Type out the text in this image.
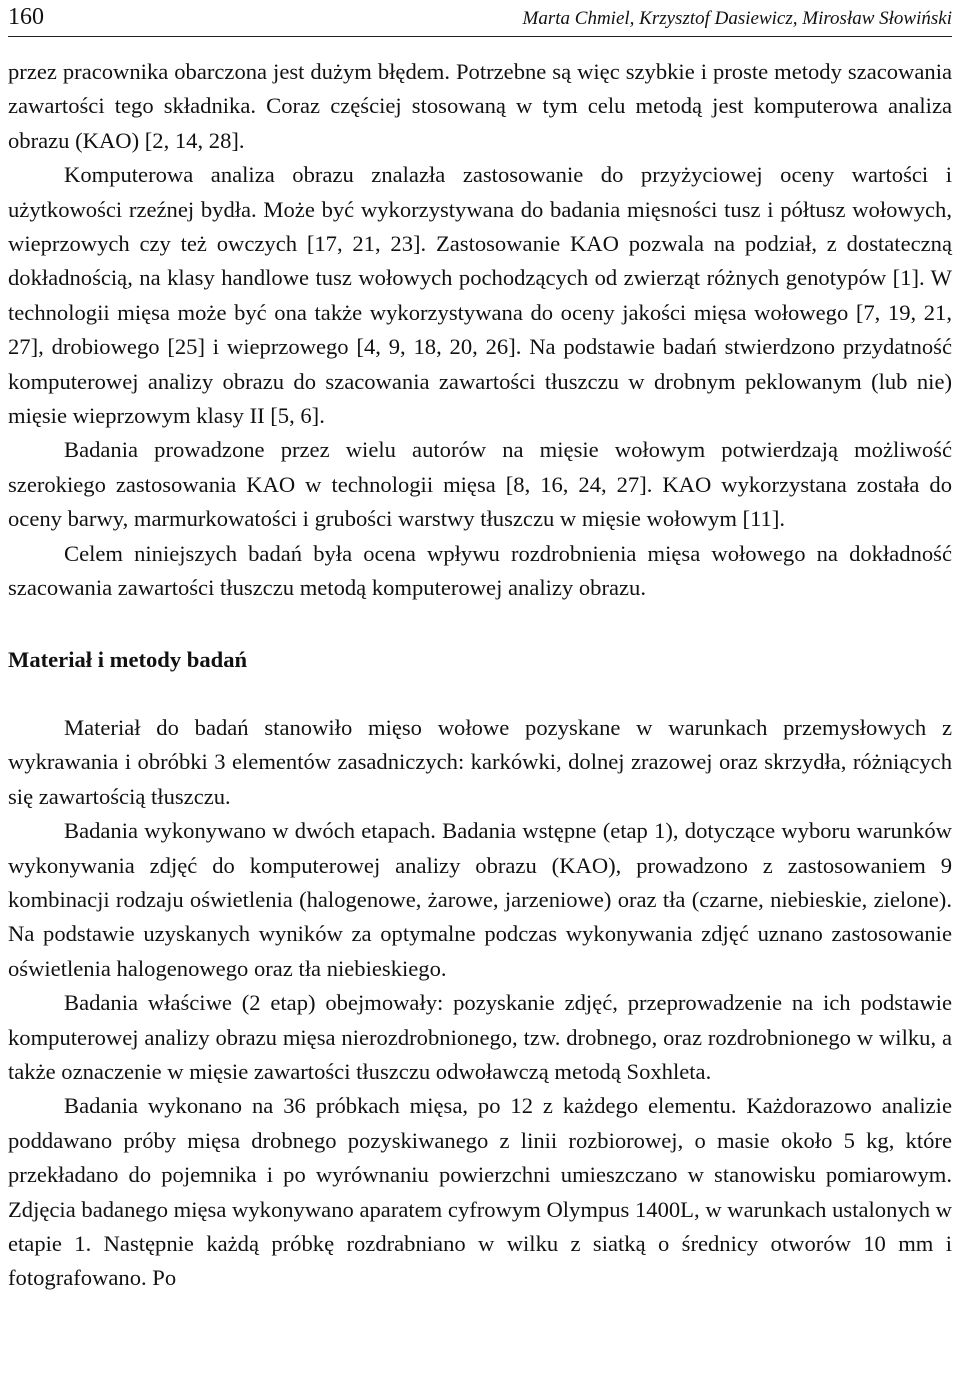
160	Marta Chmiel, Krzysztof Dasiewicz, Mirosław Słowiński

przez pracownika obarczona jest dużym błędem. Potrzebne są więc szybkie i proste metody szacowania zawartości tego składnika. Coraz częściej stosowaną w tym celu metodą jest komputerowa analiza obrazu (KAO) [2, 14, 28].

Komputerowa analiza obrazu znalazła zastosowanie do przyżyciowej oceny wartości i użytkowości rzeźnej bydła. Może być wykorzystywana do badania mięsności tusz i półtusz wołowych, wieprzowych czy też owczych [17, 21, 23]. Zastosowanie KAO pozwala na podział, z dostateczną dokładnością, na klasy handlowe tusz wołowych pochodzących od zwierząt różnych genotypów [1]. W technologii mięsa może być ona także wykorzystywana do oceny jakości mięsa wołowego [7, 19, 21, 27], drobiowego [25] i wieprzowego [4, 9, 18, 20, 26]. Na podstawie badań stwierdzono przydatność komputerowej analizy obrazu do szacowania zawartości tłuszczu w drobnym peklowanym (lub nie) mięsie wieprzowym klasy II [5, 6].

Badania prowadzone przez wielu autorów na mięsie wołowym potwierdzają możliwość szerokiego zastosowania KAO w technologii mięsa [8, 16, 24, 27]. KAO wykorzystana została do oceny barwy, marmurkowatości i grubości warstwy tłuszczu w mięsie wołowym [11].

Celem niniejszych badań była ocena wpływu rozdrobnienia mięsa wołowego na dokładność szacowania zawartości tłuszczu metodą komputerowej analizy obrazu.

Materiał i metody badań

Materiał do badań stanowiło mięso wołowe pozyskane w warunkach przemysłowych z wykrawania i obróbki 3 elementów zasadniczych: karkówki, dolnej zrazowej oraz skrzydła, różniących się zawartością tłuszczu.

Badania wykonywano w dwóch etapach. Badania wstępne (etap 1), dotyczące wyboru warunków wykonywania zdjęć do komputerowej analizy obrazu (KAO), prowadzono z zastosowaniem 9 kombinacji rodzaju oświetlenia (halogenowe, żarowe, jarzeniowe) oraz tła (czarne, niebieskie, zielone). Na podstawie uzyskanych wyników za optymalne podczas wykonywania zdjęć uznano zastosowanie oświetlenia halogenowego oraz tła niebieskiego.

Badania właściwe (2 etap) obejmowały: pozyskanie zdjęć, przeprowadzenie na ich podstawie komputerowej analizy obrazu mięsa nierozdrobnionego, tzw. drobnego, oraz rozdrobnionego w wilku, a także oznaczenie w mięsie zawartości tłuszczu odwoławczą metodą Soxhleta.

Badania wykonano na 36 próbkach mięsa, po 12 z każdego elementu. Każdorazowo analizie poddawano próby mięsa drobnego pozyskiwanego z linii rozbiorowej, o masie około 5 kg, które przekładano do pojemnika i po wyrównaniu powierzchni umieszczano w stanowisku pomiarowym. Zdjęcia badanego mięsa wykonywano aparatem cyfrowym Olympus 1400L, w warunkach ustalonych w etapie 1. Następnie każdą próbkę rozdrabniano w wilku z siatką o średnicy otworów 10 mm i fotografowano. Po
